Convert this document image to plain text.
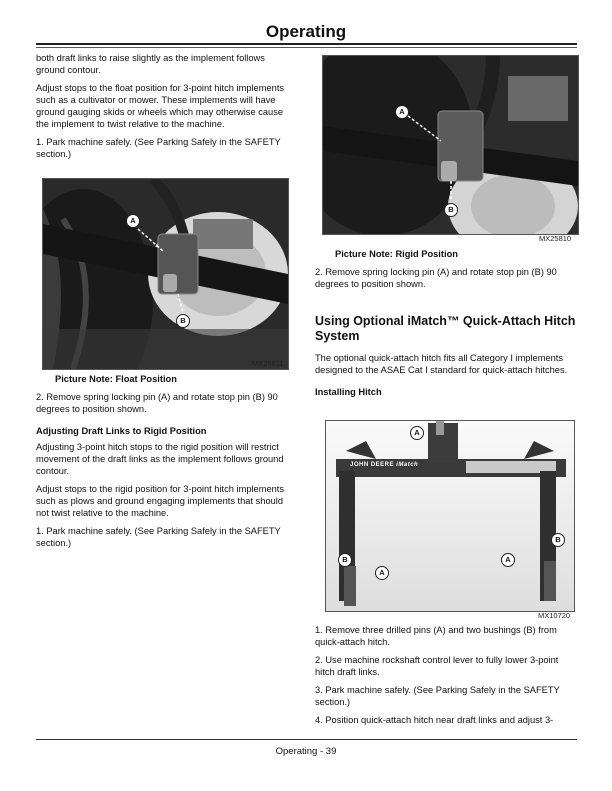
Operating

both draft links to raise slightly as the implement follows ground contour.

Adjust stops to the float position for 3-point hitch implements such as a cultivator or mower. These implements will have ground gauging skids or wheels which may otherwise cause the implement to twist relative to the machine.

1. Park machine safely. (See Parking Safely in the SAFETY section.)

A
B
MX25811
Picture Note: Float Position

2. Remove spring locking pin (A) and rotate stop pin (B) 90 degrees to position shown.

Adjusting Draft Links to Rigid Position

Adjusting 3-point hitch stops to the rigid position will restrict movement of the draft links as the implement follows ground contour.

Adjust stops to the rigid position for 3-point hitch implements such as plows and ground engaging implements that should not twist relative to the machine.

1. Park machine safely. (See Parking Safely in the SAFETY section.)

A
B
MX25810
Picture Note: Rigid Position

2. Remove spring locking pin (A) and rotate stop pin (B) 90 degrees to position shown.

Using Optional iMatch™ Quick-Attach Hitch System

The optional quick-attach hitch fits all Category I implements designed to the ASAE Cat I standard for quick-attach hitches.

Installing Hitch
JOHN DEERE iMatch
A
B
A
B
A
MX10720

1. Remove three drilled pins (A) and two bushings (B) from quick-attach hitch.

2. Use machine rockshaft control lever to fully lower 3-point hitch draft links.

3. Park machine safely. (See Parking Safely in the SAFETY section.)

4. Position quick-attach hitch near draft links and adjust 3-

Operating - 39
